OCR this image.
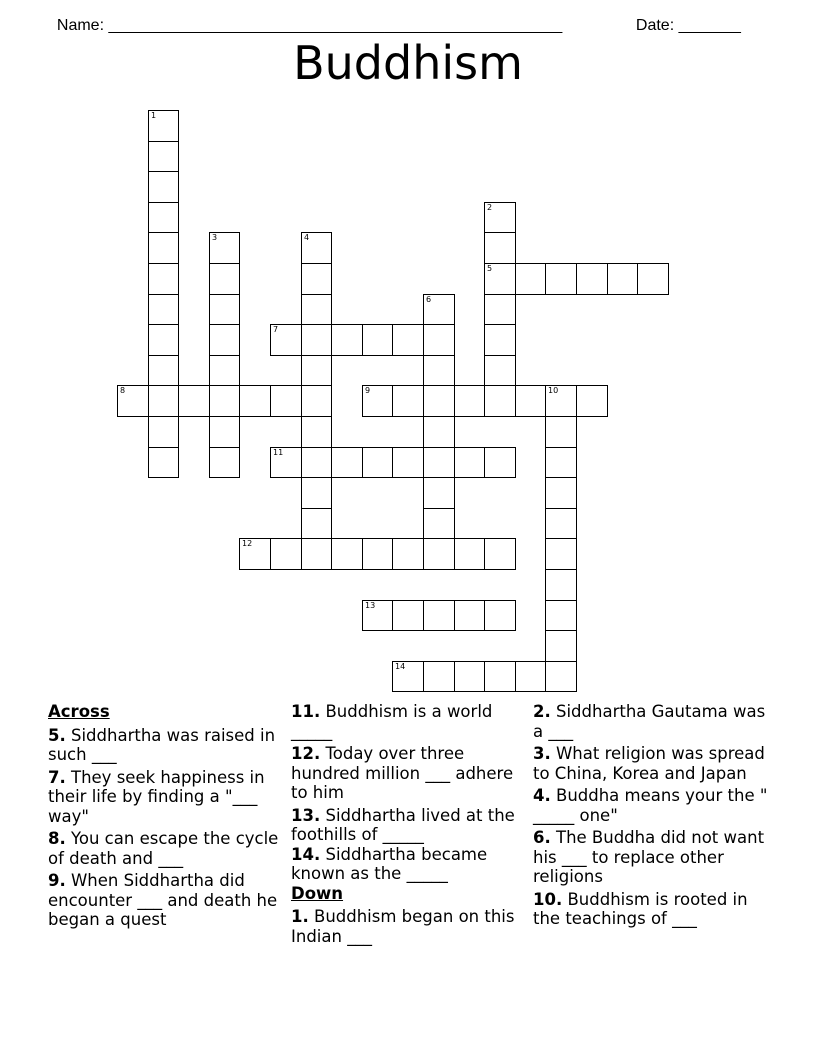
Name: ___________________________________________________	Date: _______

Buddhism
1
2
5
3	4
6
7
8	9	10
11
12
13
14
Across
5. Siddhartha was raised in such ___
7. They seek happiness in their life by finding a "___ way"
8. You can escape the cycle of death and ___
9. When Siddhartha did encounter ___ and death he began a quest
11. Buddhism is a world _____
12. Today over three hundred million ___ adhere to him
13. Siddhartha lived at the foothills of _____
14. Siddhartha became known as the _____
Down
1. Buddhism began on this Indian ___
2. Siddhartha Gautama was a ___
3. What religion was spread to China, Korea and Japan
4. Buddha means your the " _____ one"
6. The Buddha did not want his ___ to replace other religions
10. Buddhism is rooted in the teachings of ___
